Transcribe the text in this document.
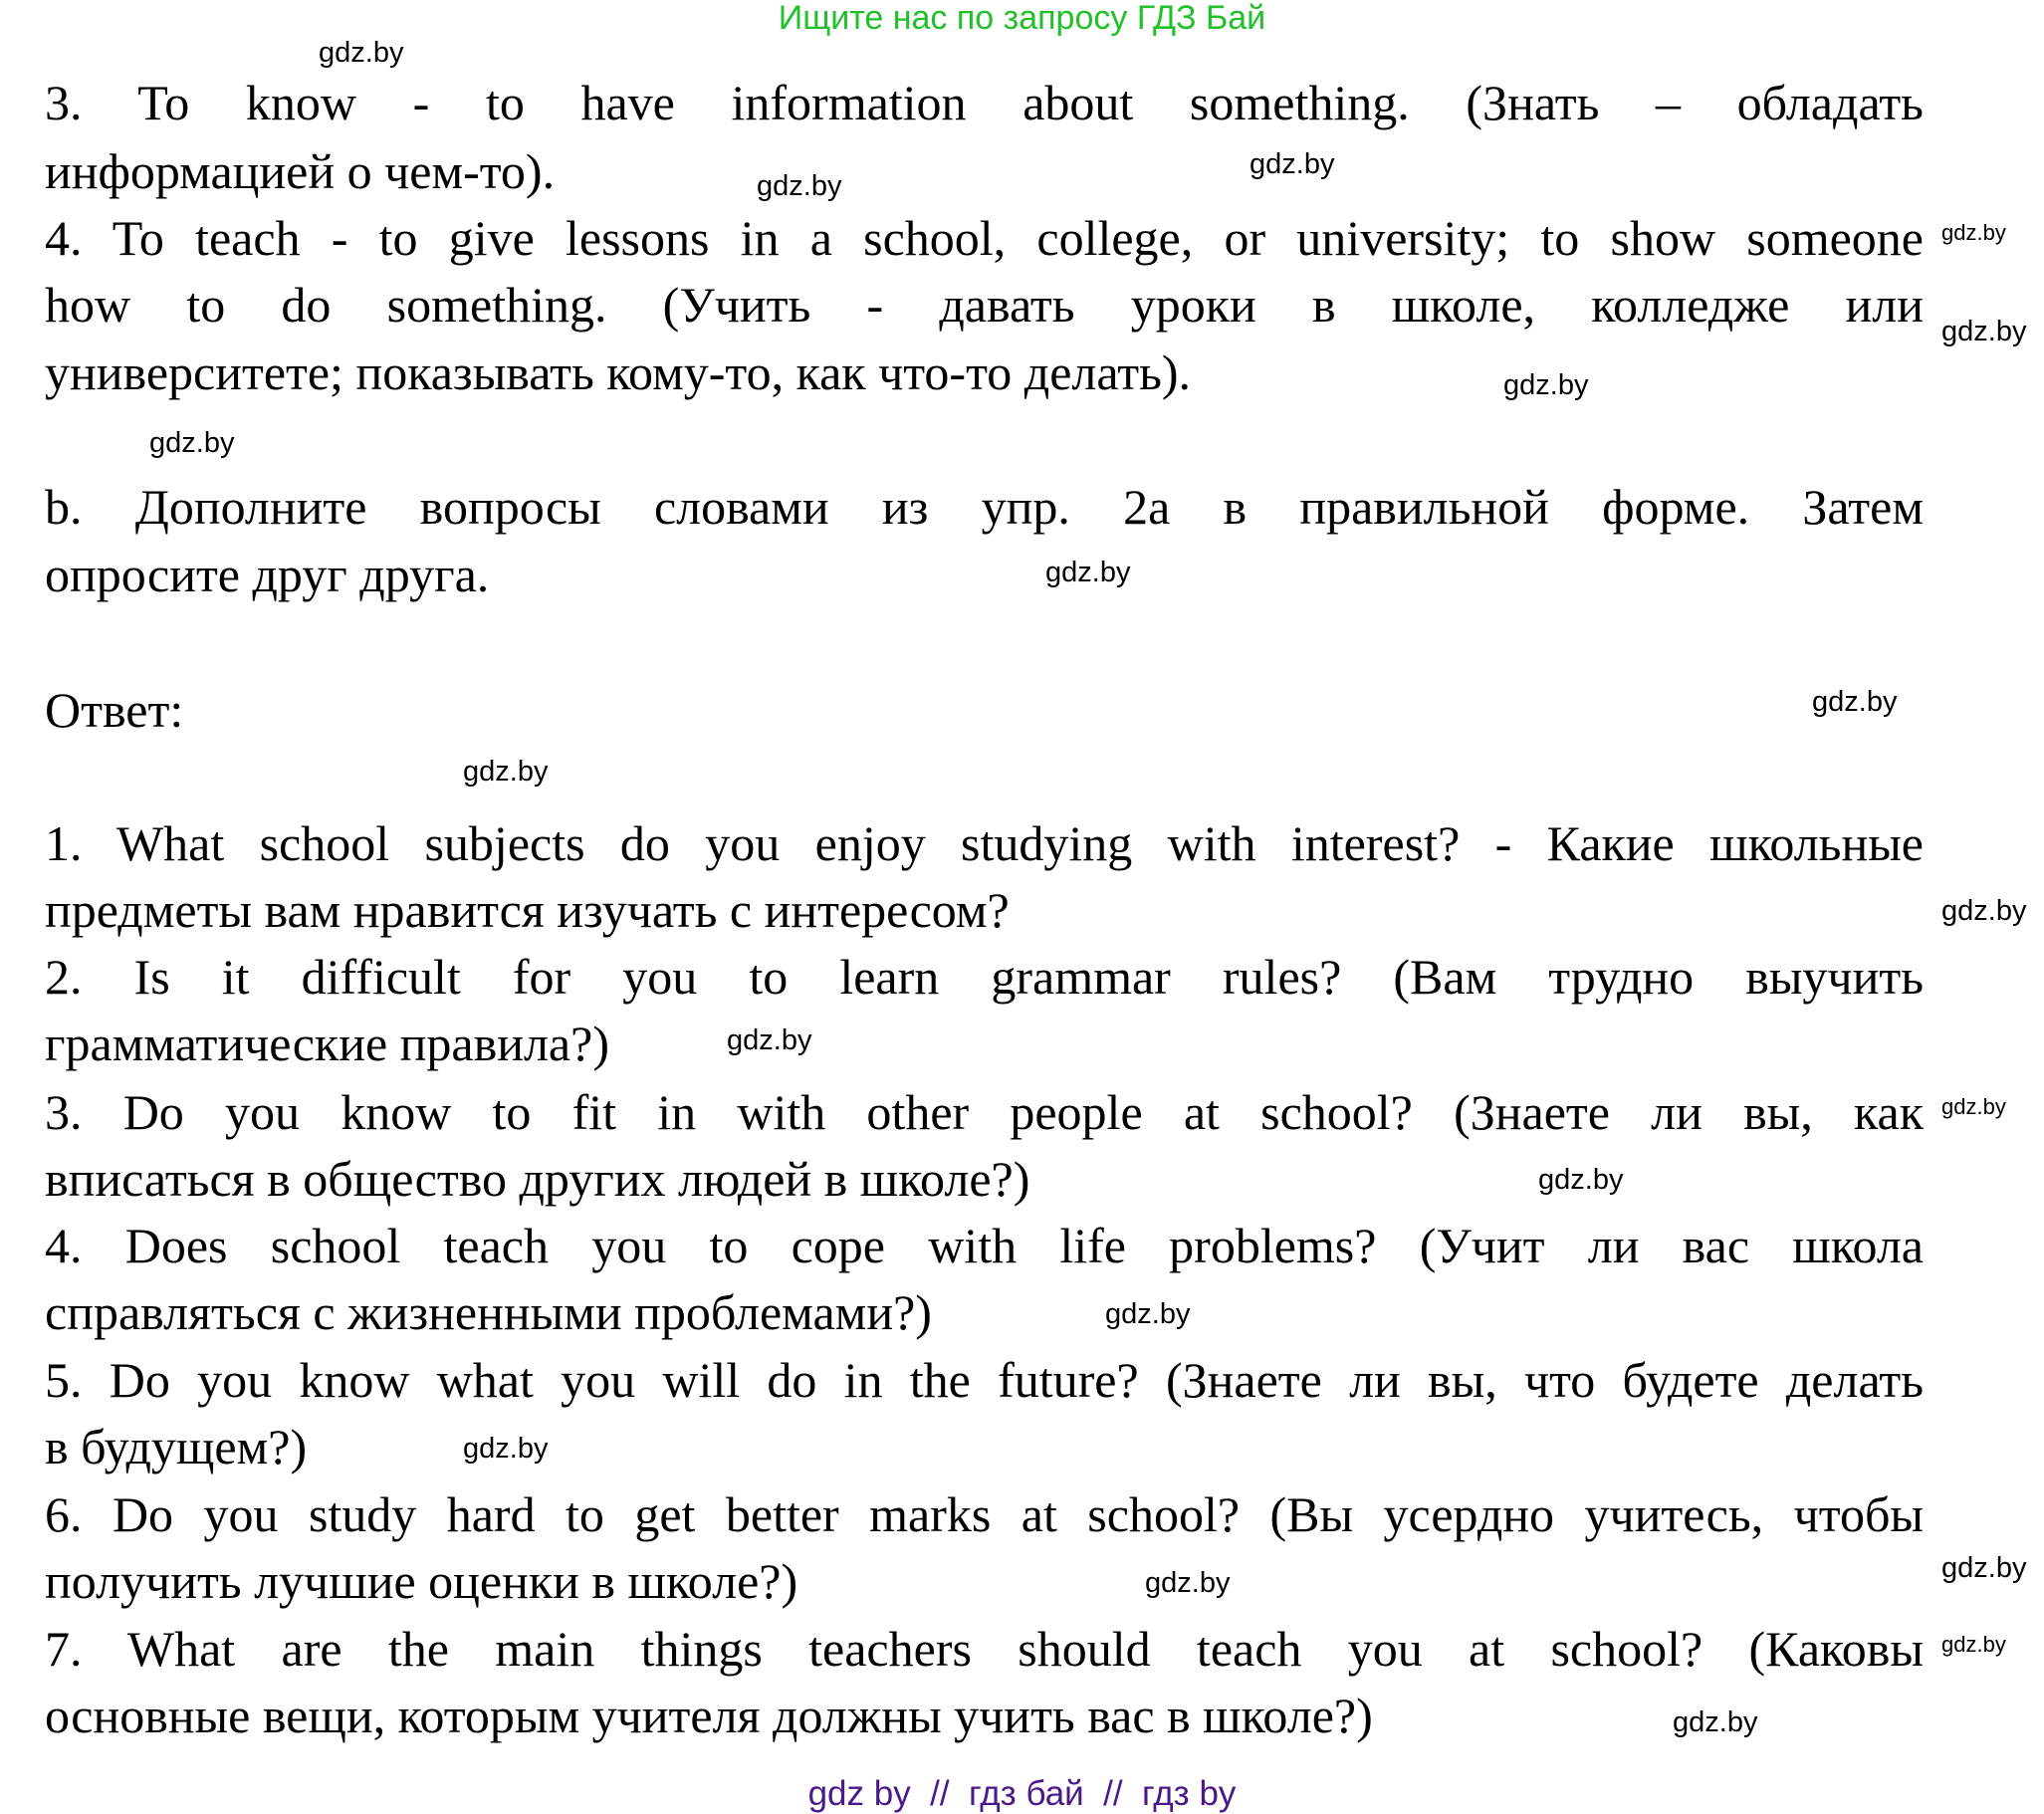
Ищите нас по запросу ГДЗ Бай
3. To know - to have information about something. (Знать – обладать
информацией о чем-то).
4. To teach - to give lessons in a school, college, or university; to show someone
how to do something. (Учить - давать уроки в школе, колледже или
университете; показывать кому-то, как что-то делать).
b. Дополните вопросы словами из упр. 2а в правильной форме. Затем
опросите друг друга.
Ответ:
1. What school subjects do you enjoy studying with interest? - Какие школьные
предметы вам нравится изучать с интересом?
2. Is it difficult for you to learn grammar rules? (Вам трудно выучить
грамматические правила?)
3. Do you know to fit in with other people at school? (Знаете ли вы, как
вписаться в общество других людей в школе?)
4. Does school teach you to cope with life problems? (Учит ли вас школа
справляться с жизненными проблемами?)
5. Do you know what you will do in the future? (Знаете ли вы, что будете делать
в будущем?)
6. Do you study hard to get better marks at school? (Вы усердно учитесь, чтобы
получить лучшие оценки в школе?)
7. What are the main things teachers should teach you at school? (Каковы
основные вещи, которым учителя должны учить вас в школе?)
gdz.by
gdz.by
gdz.by
gdz.by
gdz.by
gdz.by
gdz.by
gdz.by
gdz.by
gdz.by
gdz.by
gdz.by
gdz.by
gdz.by
gdz.by
gdz.by
gdz.by	gdz.by
gdz.by
gdz.by
gdz by  //  гдз бай  //  гдз by
